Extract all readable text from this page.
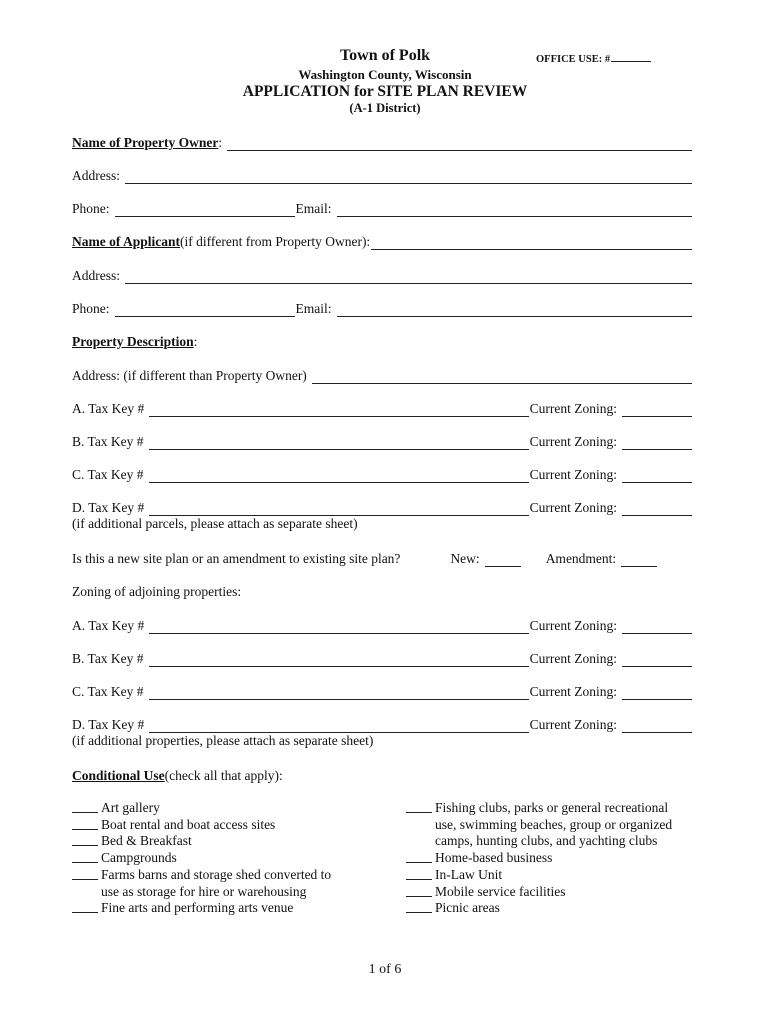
Town of Polk	OFFICE USE: #
Washington County, Wisconsin
APPLICATION for SITE PLAN REVIEW
(A-1 District)
Name of Property Owner :
Address:
Phone:	Email:
Name of Applicant (if different from Property Owner):
Address:
Phone:	Email:
Property Description :
Address: (if different than Property Owner)
A. Tax Key #	Current Zoning:
B. Tax Key #	Current Zoning:
C. Tax Key #	Current Zoning:
D. Tax Key #	Current Zoning:
(if additional parcels, please attach as separate sheet)
Is this a new site plan or an amendment to existing site plan?	New:	Amendment:
Zoning of adjoining properties:
A. Tax Key #	Current Zoning:
B. Tax Key #	Current Zoning:
C. Tax Key #	Current Zoning:
D. Tax Key #	Current Zoning:
(if additional properties, please attach as separate sheet)
Conditional Use (check all that apply):
Art gallery
Boat rental and boat access sites
Bed & Breakfast
Campgrounds
Farms barns and storage shed converted to
use as storage for hire or warehousing
Fine arts and performing arts venue
Fishing clubs, parks or general recreational
use, swimming beaches, group or organized
camps, hunting clubs, and yachting clubs
Home-based business
In-Law Unit
Mobile service facilities
Picnic areas
1 of 6
